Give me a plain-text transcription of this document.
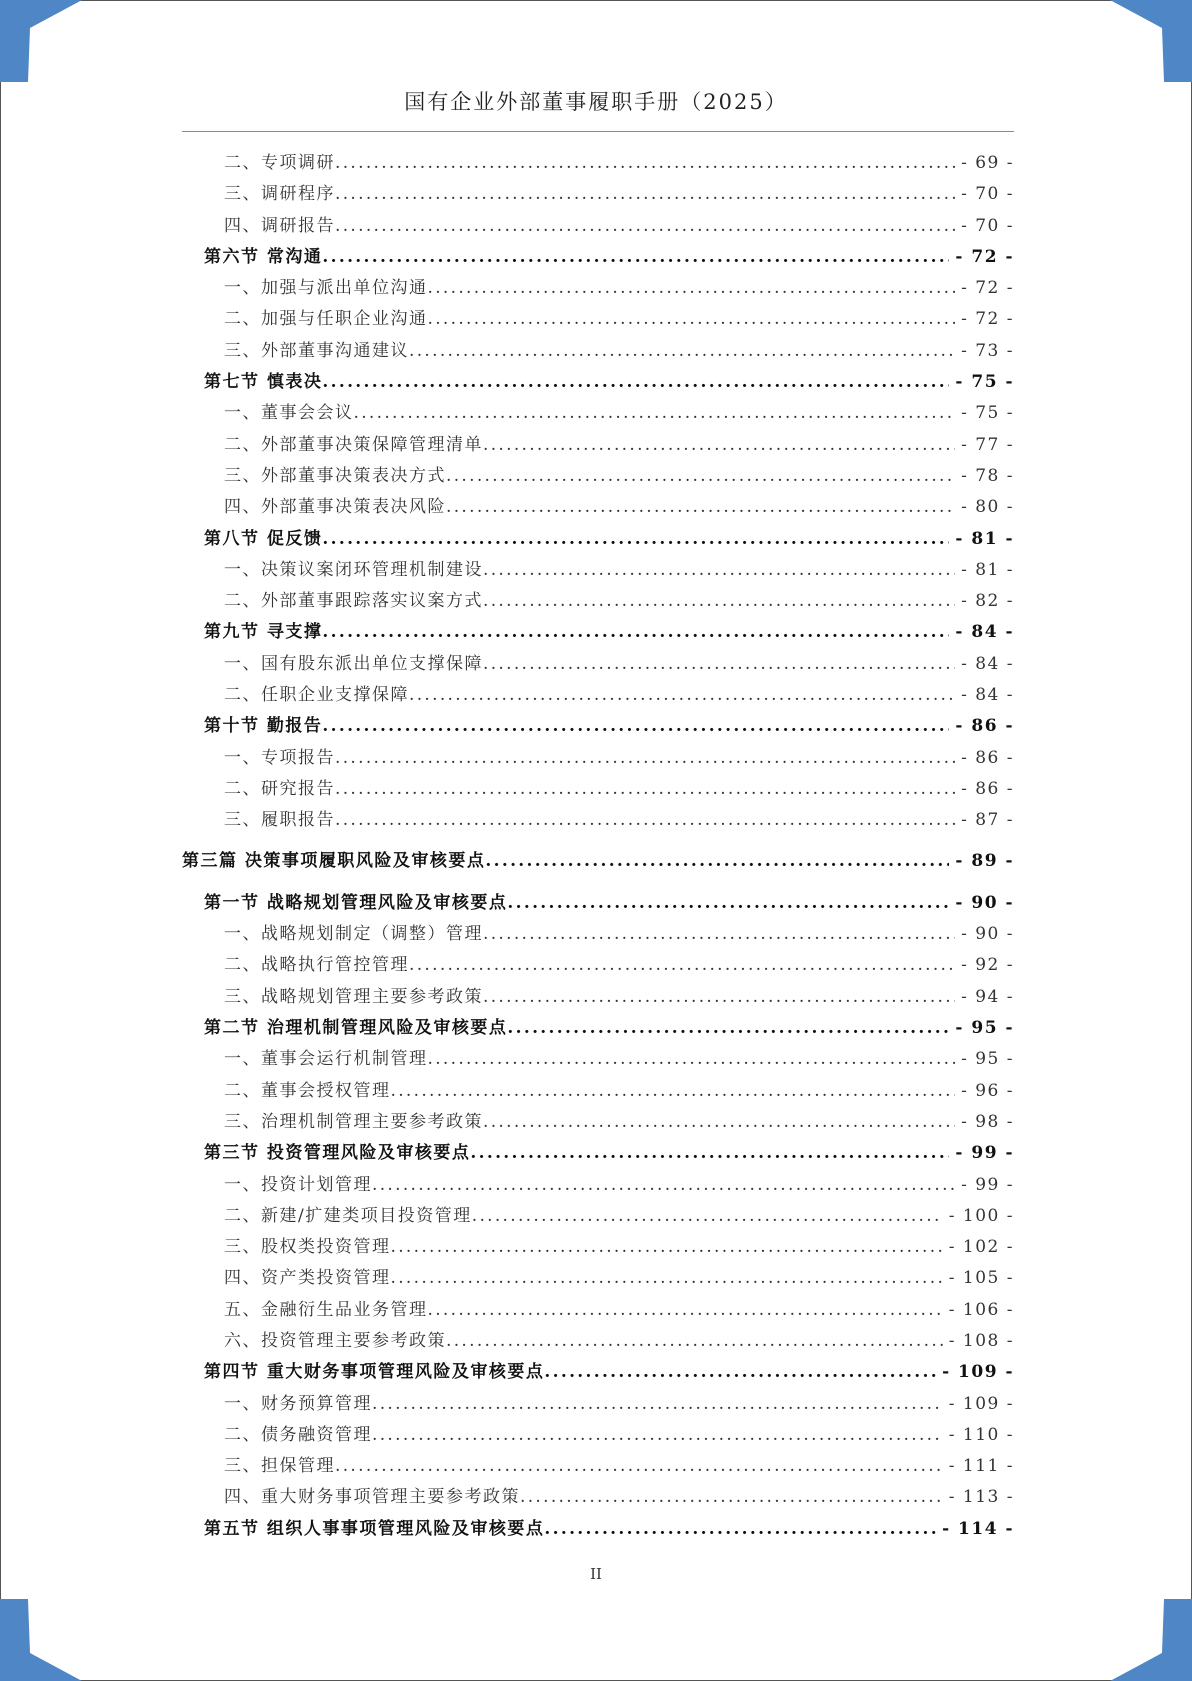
国有企业外部董事履职手册（2025）
二、专项调研 .....	- 69 -
三、调研程序 .....	- 70 -
四、调研报告 .....	- 70 -
第六节 常沟通 .....	- 72 -
一、加强与派出单位沟通 .....	- 72 -
二、加强与任职企业沟通 .....	- 72 -
三、外部董事沟通建议 .....	- 73 -
第七节 慎表决 .....	- 75 -
一、董事会会议 .....	- 75 -
二、外部董事决策保障管理清单 .....	- 77 -
三、外部董事决策表决方式 .....	- 78 -
四、外部董事决策表决风险 .....	- 80 -
第八节 促反馈 .....	- 81 -
一、决策议案闭环管理机制建设 .....	- 81 -
二、外部董事跟踪落实议案方式 .....	- 82 -
第九节 寻支撑 .....	- 84 -
一、国有股东派出单位支撑保障 .....	- 84 -
二、任职企业支撑保障 .....	- 84 -
第十节 勤报告 .....	- 86 -
一、专项报告 .....	- 86 -
二、研究报告 .....	- 86 -
三、履职报告 .....	- 87 -
第三篇 决策事项履职风险及审核要点 .....	- 89 -
第一节 战略规划管理风险及审核要点 .....	- 90 -
一、战略规划制定（调整）管理 .....	- 90 -
二、战略执行管控管理 .....	- 92 -
三、战略规划管理主要参考政策 .....	- 94 -
第二节 治理机制管理风险及审核要点 .....	- 95 -
一、董事会运行机制管理 .....	- 95 -
二、董事会授权管理 .....	- 96 -
三、治理机制管理主要参考政策 .....	- 98 -
第三节 投资管理风险及审核要点 .....	- 99 -
一、投资计划管理 .....	- 99 -
二、新建/扩建类项目投资管理 .....	- 100 -
三、股权类投资管理 .....	- 102 -
四、资产类投资管理 .....	- 105 -
五、金融衍生品业务管理 .....	- 106 -
六、投资管理主要参考政策 .....	- 108 -
第四节 重大财务事项管理风险及审核要点 .....	- 109 -
一、财务预算管理 .....	- 109 -
二、债务融资管理 .....	- 110 -
三、担保管理 .....	- 111 -
四、重大财务事项管理主要参考政策 .....	- 113 -
第五节 组织人事事项管理风险及审核要点 .....	- 114 -
II
